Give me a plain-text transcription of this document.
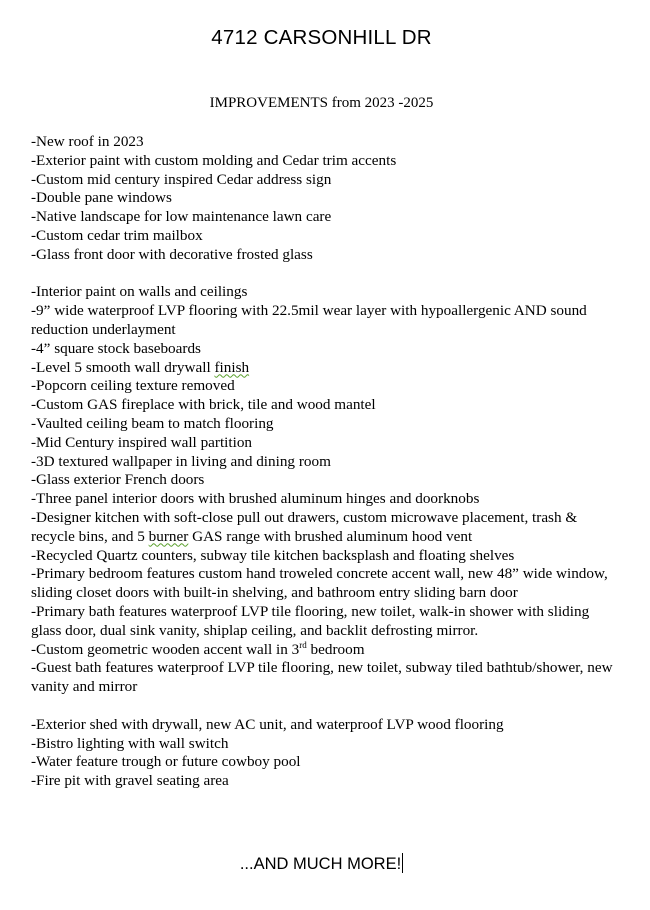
4712 CARSONHILL DR
IMPROVEMENTS from 2023 -2025
-New roof in 2023
-Exterior paint with custom molding and Cedar trim accents
-Custom mid century inspired Cedar address sign
-Double pane windows
-Native landscape for low maintenance lawn care
-Custom cedar trim mailbox
-Glass front door with decorative frosted glass
-Interior paint on walls and ceilings
-9” wide waterproof LVP flooring with 22.5mil wear layer with hypoallergenic AND sound reduction underlayment
-4” square stock baseboards
-Level 5 smooth wall drywall finish
-Popcorn ceiling texture removed
-Custom GAS fireplace with brick, tile and wood mantel
-Vaulted ceiling beam to match flooring
-Mid Century inspired wall partition
-3D textured wallpaper in living and dining room
-Glass exterior French doors
-Three panel interior doors with brushed aluminum hinges and doorknobs
-Designer kitchen with soft-close pull out drawers, custom microwave placement, trash & recycle bins, and 5 burner GAS range with brushed aluminum hood vent
-Recycled Quartz counters, subway tile kitchen backsplash and floating shelves
-Primary bedroom features custom hand troweled concrete accent wall, new 48” wide window, sliding closet doors with built-in shelving, and bathroom entry sliding barn door
-Primary bath features waterproof LVP tile flooring, new toilet, walk-in shower with sliding glass door, dual sink vanity, shiplap ceiling, and backlit defrosting mirror.
-Custom geometric wooden accent wall in 3rd bedroom
-Guest bath features waterproof LVP tile flooring, new toilet, subway tiled bathtub/shower, new vanity and mirror
-Exterior shed with drywall, new AC unit, and waterproof LVP wood flooring
-Bistro lighting with wall switch
-Water feature trough or future cowboy pool
-Fire pit with gravel seating area
...AND MUCH MORE!
